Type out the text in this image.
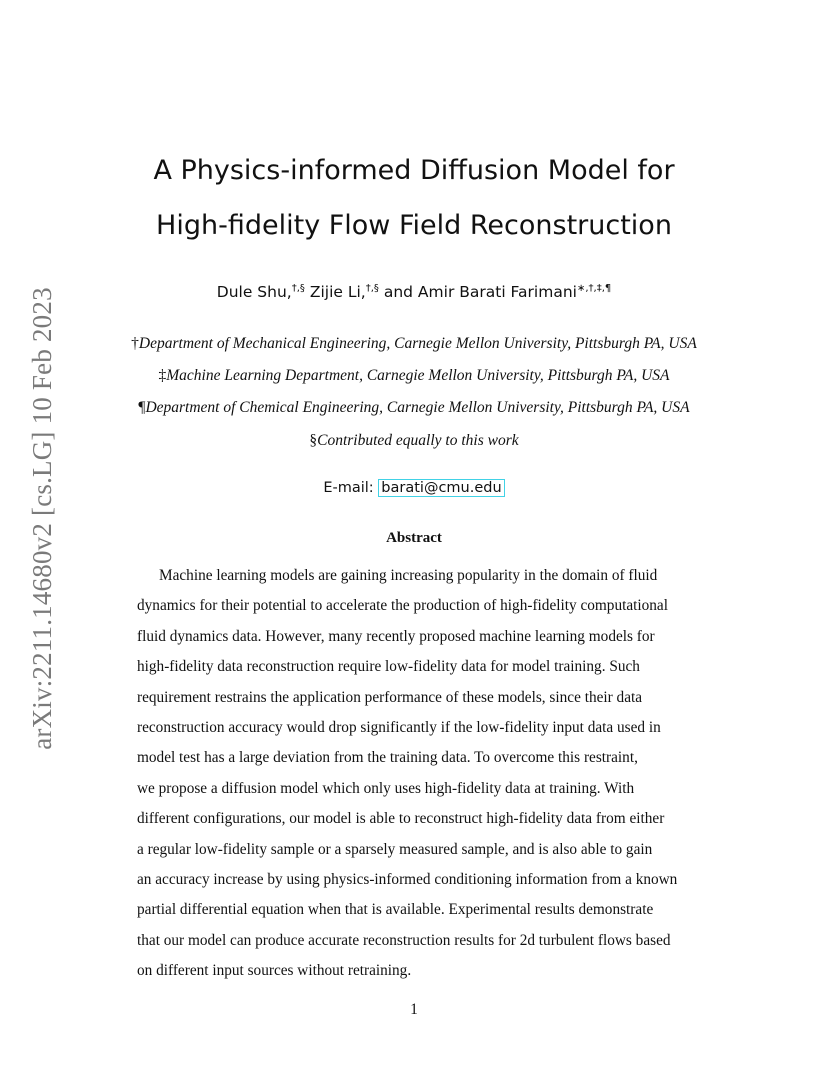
arXiv:2211.14680v2 [cs.LG] 10 Feb 2023
A Physics-informed Diffusion Model for
High-fidelity Flow Field Reconstruction
Dule Shu,†,§ Zijie Li,†,§ and Amir Barati Farimani∗,†,‡,¶
†Department of Mechanical Engineering, Carnegie Mellon University, Pittsburgh PA, USA
‡Machine Learning Department, Carnegie Mellon University, Pittsburgh PA, USA
¶Department of Chemical Engineering, Carnegie Mellon University, Pittsburgh PA, USA
§Contributed equally to this work
E-mail: barati@cmu.edu
Abstract
Machine learning models are gaining increasing popularity in the domain of fluid
dynamics for their potential to accelerate the production of high-fidelity computational
fluid dynamics data. However, many recently proposed machine learning models for
high-fidelity data reconstruction require low-fidelity data for model training. Such
requirement restrains the application performance of these models, since their data
reconstruction accuracy would drop significantly if the low-fidelity input data used in
model test has a large deviation from the training data. To overcome this restraint,
we propose a diffusion model which only uses high-fidelity data at training. With
different configurations, our model is able to reconstruct high-fidelity data from either
a regular low-fidelity sample or a sparsely measured sample, and is also able to gain
an accuracy increase by using physics-informed conditioning information from a known
partial differential equation when that is available. Experimental results demonstrate
that our model can produce accurate reconstruction results for 2d turbulent flows based
on different input sources without retraining.
1
